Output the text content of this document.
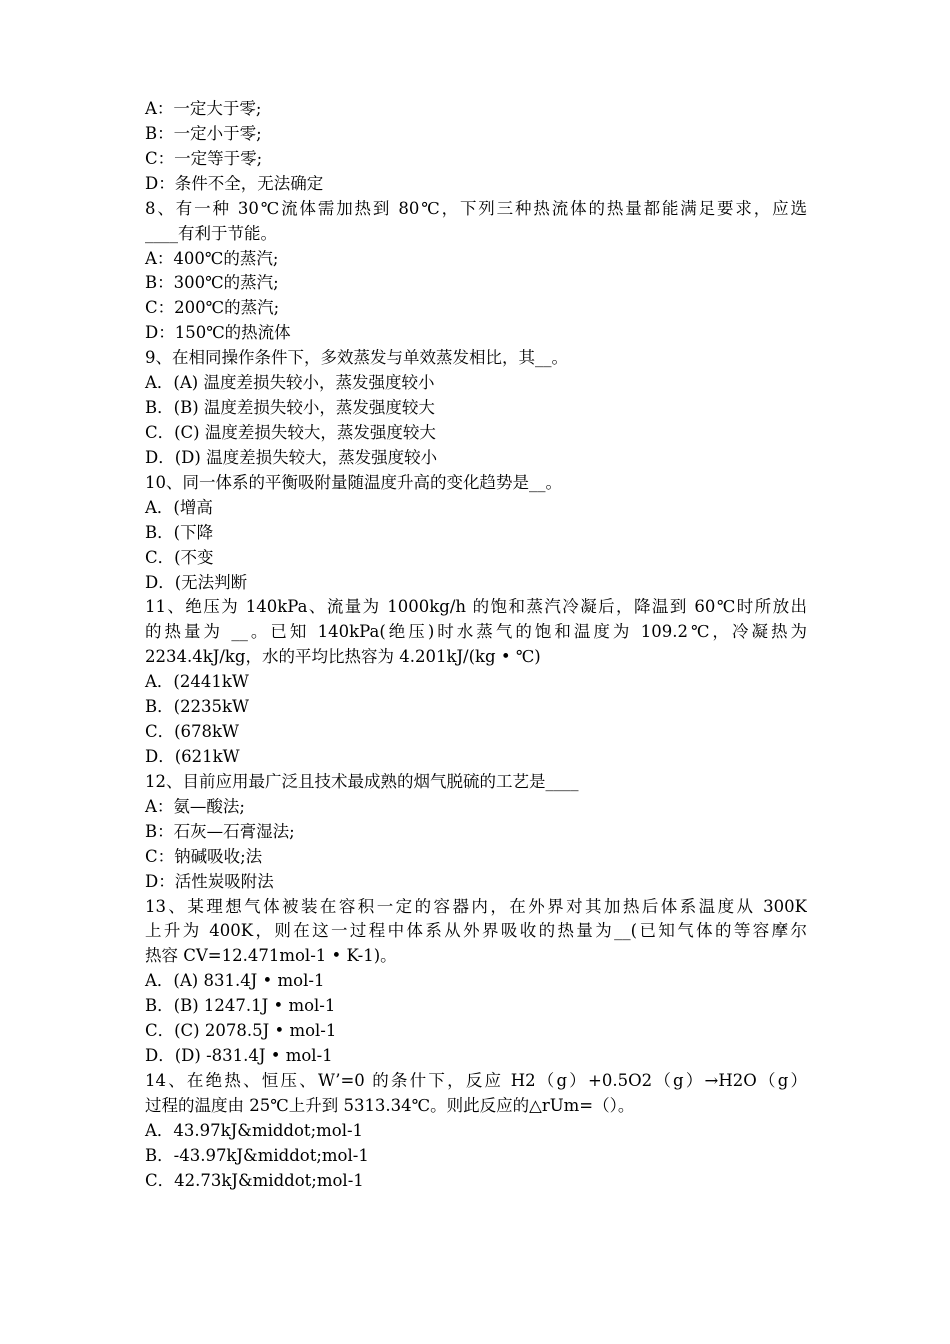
A：一定大于零;
B：一定小于零;
C：一定等于零;
D：条件不全，无法确定
8、有一种 30℃流体需加热到 80℃，下列三种热流体的热量都能满足要求，应选
____有利于节能。
A：400℃的蒸汽;
B：300℃的蒸汽;
C：200℃的蒸汽;
D：150℃的热流体
9、在相同操作条件下，多效蒸发与单效蒸发相比，其__。
A．(A) 温度差损失较小，蒸发强度较小
B．(B) 温度差损失较小，蒸发强度较大
C．(C) 温度差损失较大，蒸发强度较大
D．(D) 温度差损失较大，蒸发强度较小
10、同一体系的平衡吸附量随温度升高的变化趋势是__。
A．(增高
B．(下降
C．(不变
D．(无法判断
11、绝压为 140kPa、流量为 1000kg/h 的饱和蒸汽冷凝后，降温到 60℃时所放出
的热量为 __。已知 140kPa(绝压)时水蒸气的饱和温度为 109.2℃，冷凝热为
2234.4kJ/kg，水的平均比热容为 4.201kJ/(kg • ℃)
A．(2441kW
B．(2235kW
C．(678kW
D．(621kW
12、目前应用最广泛且技术最成熟的烟气脱硫的工艺是____
A：氨—酸法;
B：石灰—石膏湿法;
C：钠碱吸收;法
D：活性炭吸附法
13、某理想气体被装在容积一定的容器内，在外界对其加热后体系温度从 300K
上升为 400K，则在这一过程中体系从外界吸收的热量为__(已知气体的等容摩尔
热容 CV=12.471mol-1 • K-1)。
A．(A) 831.4J • mol-1
B．(B) 1247.1J • mol-1
C．(C) 2078.5J • mol-1
D．(D) -831.4J • mol-1
14、在绝热、恒压、W’=0 的条什下，反应 H2（g）+0.5O2（g）→H2O（g）
过程的温度由 25℃上升到 5313.34℃。则此反应的△rUm=（）。
A．43.97kJ&middot;mol-1
B．-43.97kJ&middot;mol-1
C．42.73kJ&middot;mol-1
